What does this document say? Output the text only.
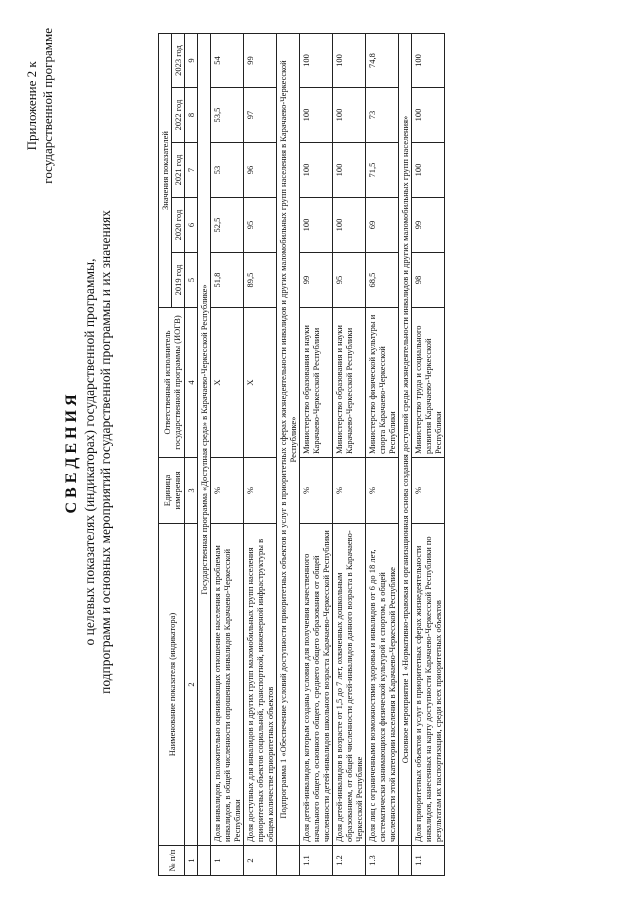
Приложение 2 к государственной программе
СВЕДЕНИЯ о целевых показателях (индикаторах) государственной программы, подпрограмм и основных мероприятий государственной программы и их значениях
№ п/п	Наименование показателя (индикатора)	Единица измерения	Ответственный исполнитель государственной программы (ИОГВ)	Значения показателей				
				2019 год	2020 год	2021 год	2022 год	2023 год
1	2	3	4	5	6	7	8	9
	Государственная программа «Доступная среда» в Карачаево-Черкесской Республике»							
1	Доля инвалидов, положительно оценивающих отношение населения к проблемам инвалидов, в общей численности опрошенных инвалидов Карачаево-Черкесской Республики	%	Х	51,8	52,5	53	53,5	54
2	Доля доступных для инвалидов и других групп маломобильных групп населения приоритетных объектов социальной, транспортной, инженерной инфраструктуры в общем количестве приоритетных объектов	%	Х	89,5	95	96	97	99
	Подпрограмма 1 «Обеспечение условий доступности приоритетных объектов и услуг в приоритетных сферах жизнедеятельности инвалидов и других маломобильных групп населения в Карачаево-Черкесской Республике»							
1.1	Доля детей-инвалидов, которым созданы условия для получения качественного начального общего, основного общего, среднего общего образования от общей численности детей-инвалидов школьного возраста Карачаево-Черкесской Республики	%	Министерство образования и науки Карачаево-Черкесской Республики	99	100	100	100	100
1.2	Доля детей-инвалидов в возрасте от 1,5 до 7 лет, охваченных дошкольным образованием, от общей численности детей-инвалидов данного возраста в Карачаево-Черкесской Республике	%	Министерство образования и науки Карачаево-Черкесской Республики	95	100	100	100	100
1.3	Доля лиц с ограниченными возможностями здоровья и инвалидов от 6 до 18 лет, систематически занимающихся физической культурой и спортом, в общей численности этой категории населения в Карачаево-Черкесской Республике	%	Министерство физической культуры и спорта Карачаево-Черкесской Республики	68,5	69	71,5	73	74,8
	Основное мероприятие 1 «Нормативно-правовая и организационная основа создания доступной среды жизнедеятельности инвалидов и других маломобильных групп населения»							
1.1	Доля приоритетных объектов и услуг в приоритетных сферах жизнедеятельности инвалидов, нанесенных на карту доступности Карачаево-Черкесской Республики по результатам их паспортизации, среди всех приоритетных объектов	%	Министерство труда и социального развития Карачаево-Черкесской Республики	98	99	100	100	100
